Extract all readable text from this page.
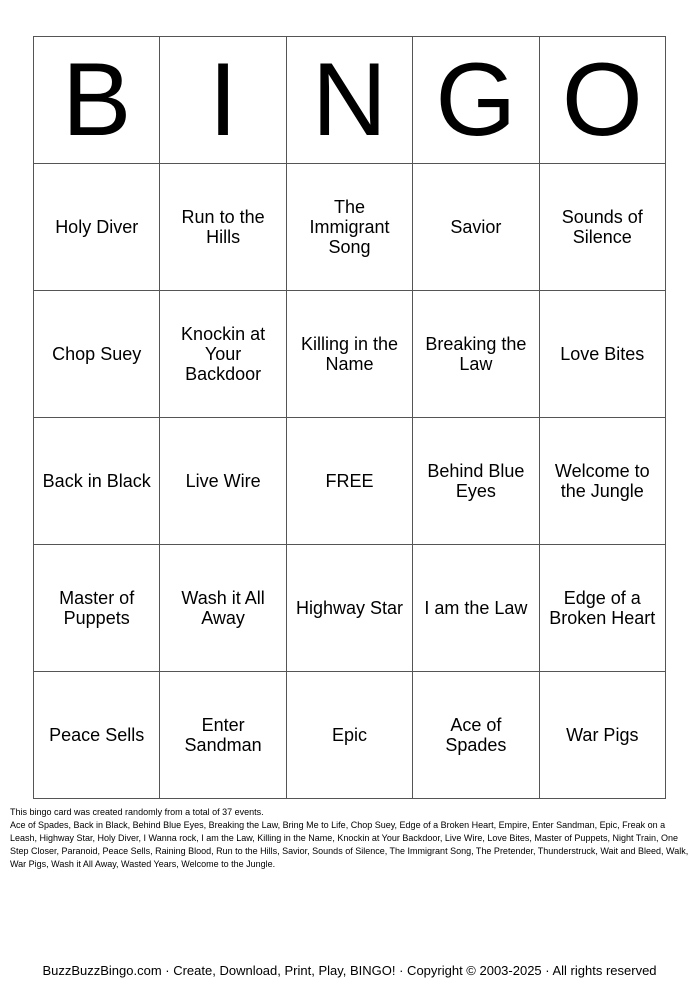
B	I	N	G	O
Holy Diver	Run to the Hills	The Immigrant Song	Savior	Sounds of Silence
Chop Suey	Knockin at Your Backdoor	Killing in the Name	Breaking the Law	Love Bites
Back in Black	Live Wire	FREE	Behind Blue Eyes	Welcome to the Jungle
Master of Puppets	Wash it All Away	Highway Star	I am the Law	Edge of a Broken Heart
Peace Sells	Enter Sandman	Epic	Ace of Spades	War Pigs
This bingo card was created randomly from a total of 37 events.
Ace of Spades, Back in Black, Behind Blue Eyes, Breaking the Law, Bring Me to Life, Chop Suey, Edge of a Broken Heart, Empire, Enter Sandman, Epic, Freak on a Leash, Highway Star, Holy Diver, I Wanna rock, I am the Law, Killing in the Name, Knockin at Your Backdoor, Live Wire, Love Bites, Master of Puppets, Night Train, One Step Closer, Paranoid, Peace Sells, Raining Blood, Run to the Hills, Savior, Sounds of Silence, The Immigrant Song, The Pretender, Thunderstruck, Wait and Bleed, Walk, War Pigs, Wash it All Away, Wasted Years, Welcome to the Jungle.
BuzzBuzzBingo.com · Create, Download, Print, Play, BINGO! · Copyright © 2003-2025 · All rights reserved
